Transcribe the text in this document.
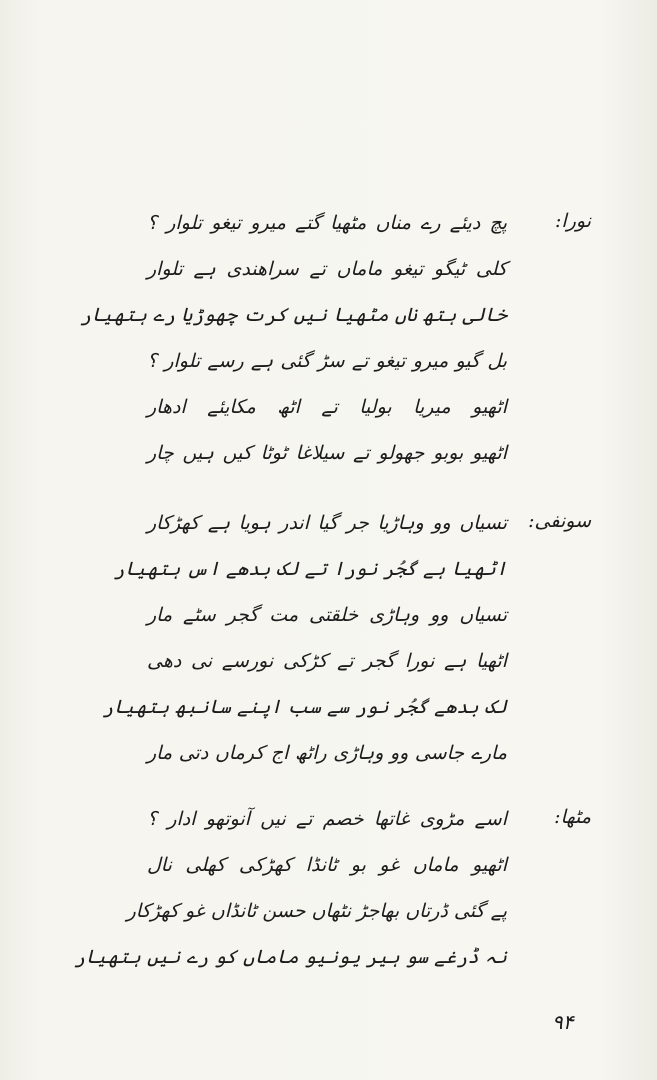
نورا:
پچ دیئے رے مناں مٹھیا گتے میرو تیغو تلوار ؟
کلی ٹیگو تیغو ماماں تے سراھندی ہے تلوار
خالی ہتھ ناں مٹھیا نیں کرت چھوڑیا رے ہتھیار
بل گیو میرو تیغو تے سڑ گئی ہے رسے تلوار ؟
اٹھیو میریا بولیا تے اٹھ مکایئے ادھار
اٹھیو بوبو جھولو تے سیلاغا ٹوٹا کیں ہیں چار
سونفی:
تسیاں وو وہاڑیا جر گیا اندر ہویا ہے کھڑکار
اٹھیا ہے گجُر نورا تے لک بدھے اس ہتھیار
تسیاں وو وہاڑی خلقتی مت گجر سٹے مار
اٹھیا ہے نورا گجر تے کڑکی نورسے نی دھی
لک بدھے گجُر نور سے سب اپنے سانبھ ہتھیار
مارے جاسی وو وہاڑی راٹھ اج کرماں دتی مار
مٹھا:
اسے مڑوی غاتھا خصم تے نیں آنوتھو ادار ؟
اٹھیو ماماں غو بو ٹانڈا کھڑکی کھلی نال
پے گئی ڈرتاں بھاجڑ نٹھاں حسن ٹانڈاں غو کھڑکار
نہ ڈرغے سو ہیر یونیو ماماں کو رے نیں ہتھیار
۹۴
